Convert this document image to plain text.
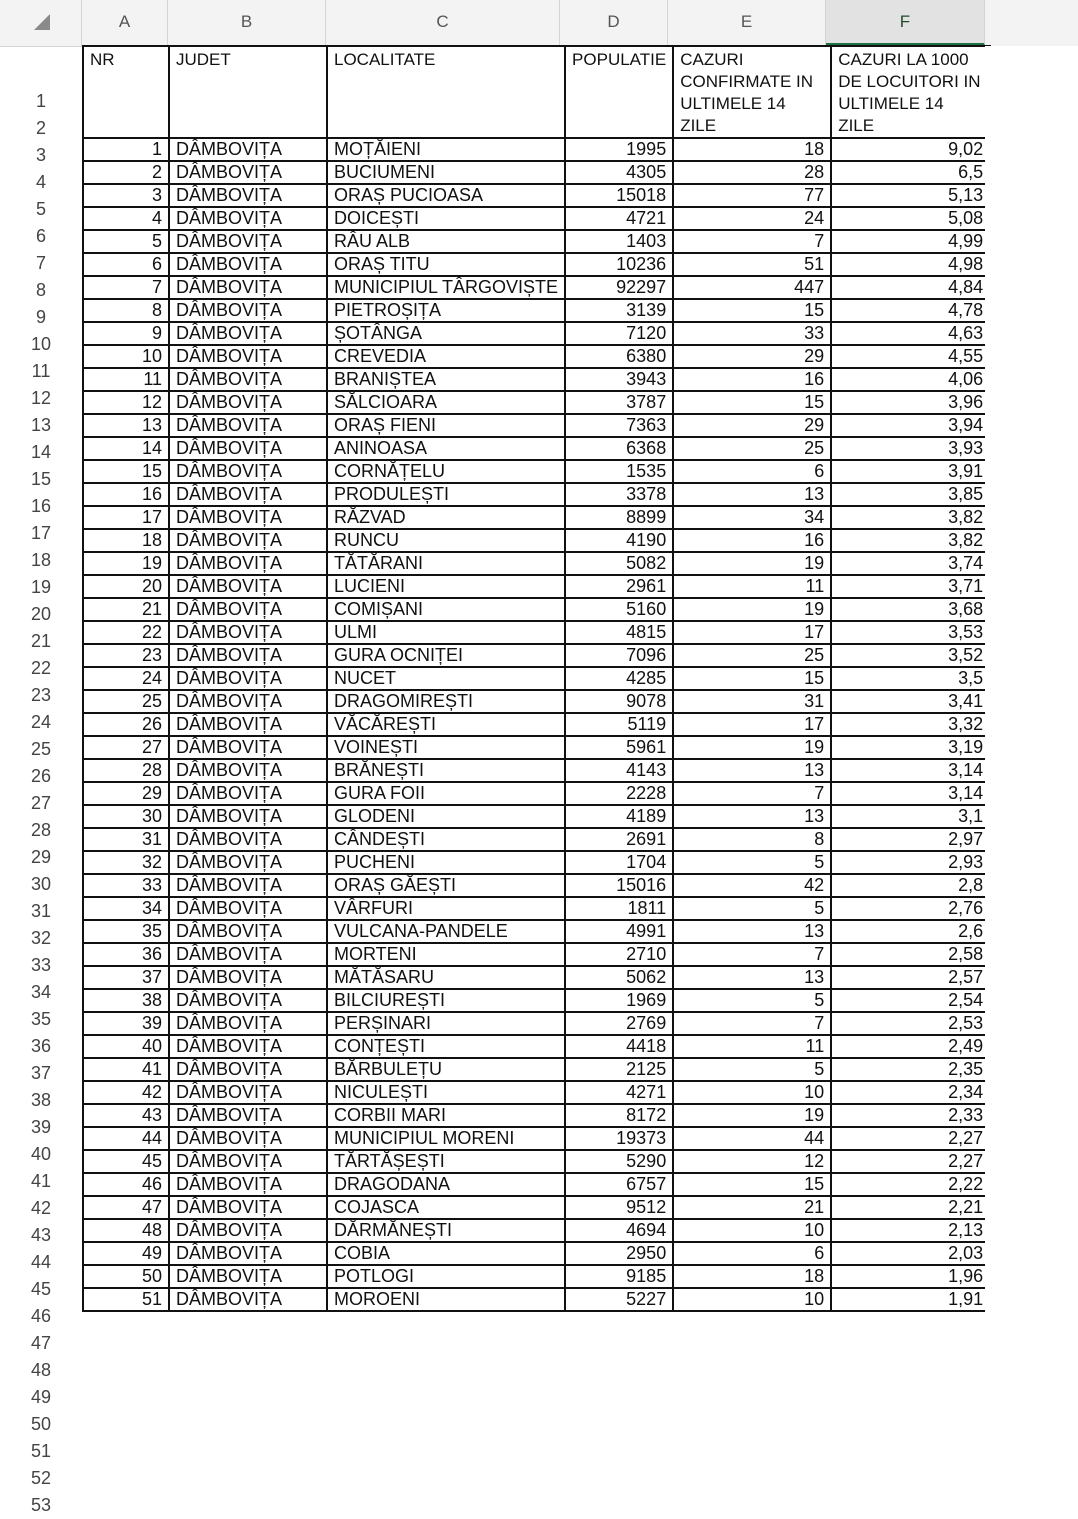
A	B	C	D	E	F
1
2
3
4
5
6
7
8
9
10
11
12
13
14
15
16
17
18
19
20
21
22
23
24
25
26
27
28
29
30
31
32
33
34
35
36
37
38
39
40
41
42
43
44
45
46
47
48
49
50
51
52
53
NR	JUDET	LOCALITATE	POPULATIE	CAZURI CONFIRMATE IN ULTIMELE 14 ZILE	CAZURI LA 1000 DE LOCUITORI IN ULTIMELE 14 ZILE
1	DÂMBOVIȚA	MOȚĂIENI	1995	18	9,02
2	DÂMBOVIȚA	BUCIUMENI	4305	28	6,5
3	DÂMBOVIȚA	ORAȘ PUCIOASA	15018	77	5,13
4	DÂMBOVIȚA	DOICEȘTI	4721	24	5,08
5	DÂMBOVIȚA	RÂU ALB	1403	7	4,99
6	DÂMBOVIȚA	ORAȘ TITU	10236	51	4,98
7	DÂMBOVIȚA	MUNICIPIUL TÂRGOVIȘTE	92297	447	4,84
8	DÂMBOVIȚA	PIETROȘIȚA	3139	15	4,78
9	DÂMBOVIȚA	ȘOTÂNGA	7120	33	4,63
10	DÂMBOVIȚA	CREVEDIA	6380	29	4,55
11	DÂMBOVIȚA	BRANIȘTEA	3943	16	4,06
12	DÂMBOVIȚA	SĂLCIOARA	3787	15	3,96
13	DÂMBOVIȚA	ORAȘ FIENI	7363	29	3,94
14	DÂMBOVIȚA	ANINOASA	6368	25	3,93
15	DÂMBOVIȚA	CORNĂȚELU	1535	6	3,91
16	DÂMBOVIȚA	PRODULEȘTI	3378	13	3,85
17	DÂMBOVIȚA	RĂZVAD	8899	34	3,82
18	DÂMBOVIȚA	RUNCU	4190	16	3,82
19	DÂMBOVIȚA	TĂTĂRANI	5082	19	3,74
20	DÂMBOVIȚA	LUCIENI	2961	11	3,71
21	DÂMBOVIȚA	COMIȘANI	5160	19	3,68
22	DÂMBOVIȚA	ULMI	4815	17	3,53
23	DÂMBOVIȚA	GURA OCNIȚEI	7096	25	3,52
24	DÂMBOVIȚA	NUCET	4285	15	3,5
25	DÂMBOVIȚA	DRAGOMIREȘTI	9078	31	3,41
26	DÂMBOVIȚA	VĂCĂREȘTI	5119	17	3,32
27	DÂMBOVIȚA	VOINEȘTI	5961	19	3,19
28	DÂMBOVIȚA	BRĂNEȘTI	4143	13	3,14
29	DÂMBOVIȚA	GURA FOII	2228	7	3,14
30	DÂMBOVIȚA	GLODENI	4189	13	3,1
31	DÂMBOVIȚA	CÂNDEȘTI	2691	8	2,97
32	DÂMBOVIȚA	PUCHENI	1704	5	2,93
33	DÂMBOVIȚA	ORAȘ GĂEȘTI	15016	42	2,8
34	DÂMBOVIȚA	VÂRFURI	1811	5	2,76
35	DÂMBOVIȚA	VULCANA-PANDELE	4991	13	2,6
36	DÂMBOVIȚA	MORTENI	2710	7	2,58
37	DÂMBOVIȚA	MĂTĂSARU	5062	13	2,57
38	DÂMBOVIȚA	BILCIUREȘTI	1969	5	2,54
39	DÂMBOVIȚA	PERȘINARI	2769	7	2,53
40	DÂMBOVIȚA	CONȚEȘTI	4418	11	2,49
41	DÂMBOVIȚA	BĂRBULEȚU	2125	5	2,35
42	DÂMBOVIȚA	NICULEȘTI	4271	10	2,34
43	DÂMBOVIȚA	CORBII MARI	8172	19	2,33
44	DÂMBOVIȚA	MUNICIPIUL MORENI	19373	44	2,27
45	DÂMBOVIȚA	TĂRTĂȘEȘTI	5290	12	2,27
46	DÂMBOVIȚA	DRAGODANA	6757	15	2,22
47	DÂMBOVIȚA	COJASCA	9512	21	2,21
48	DÂMBOVIȚA	DĂRMĂNEȘTI	4694	10	2,13
49	DÂMBOVIȚA	COBIA	2950	6	2,03
50	DÂMBOVIȚA	POTLOGI	9185	18	1,96
51	DÂMBOVIȚA	MOROENI	5227	10	1,91
